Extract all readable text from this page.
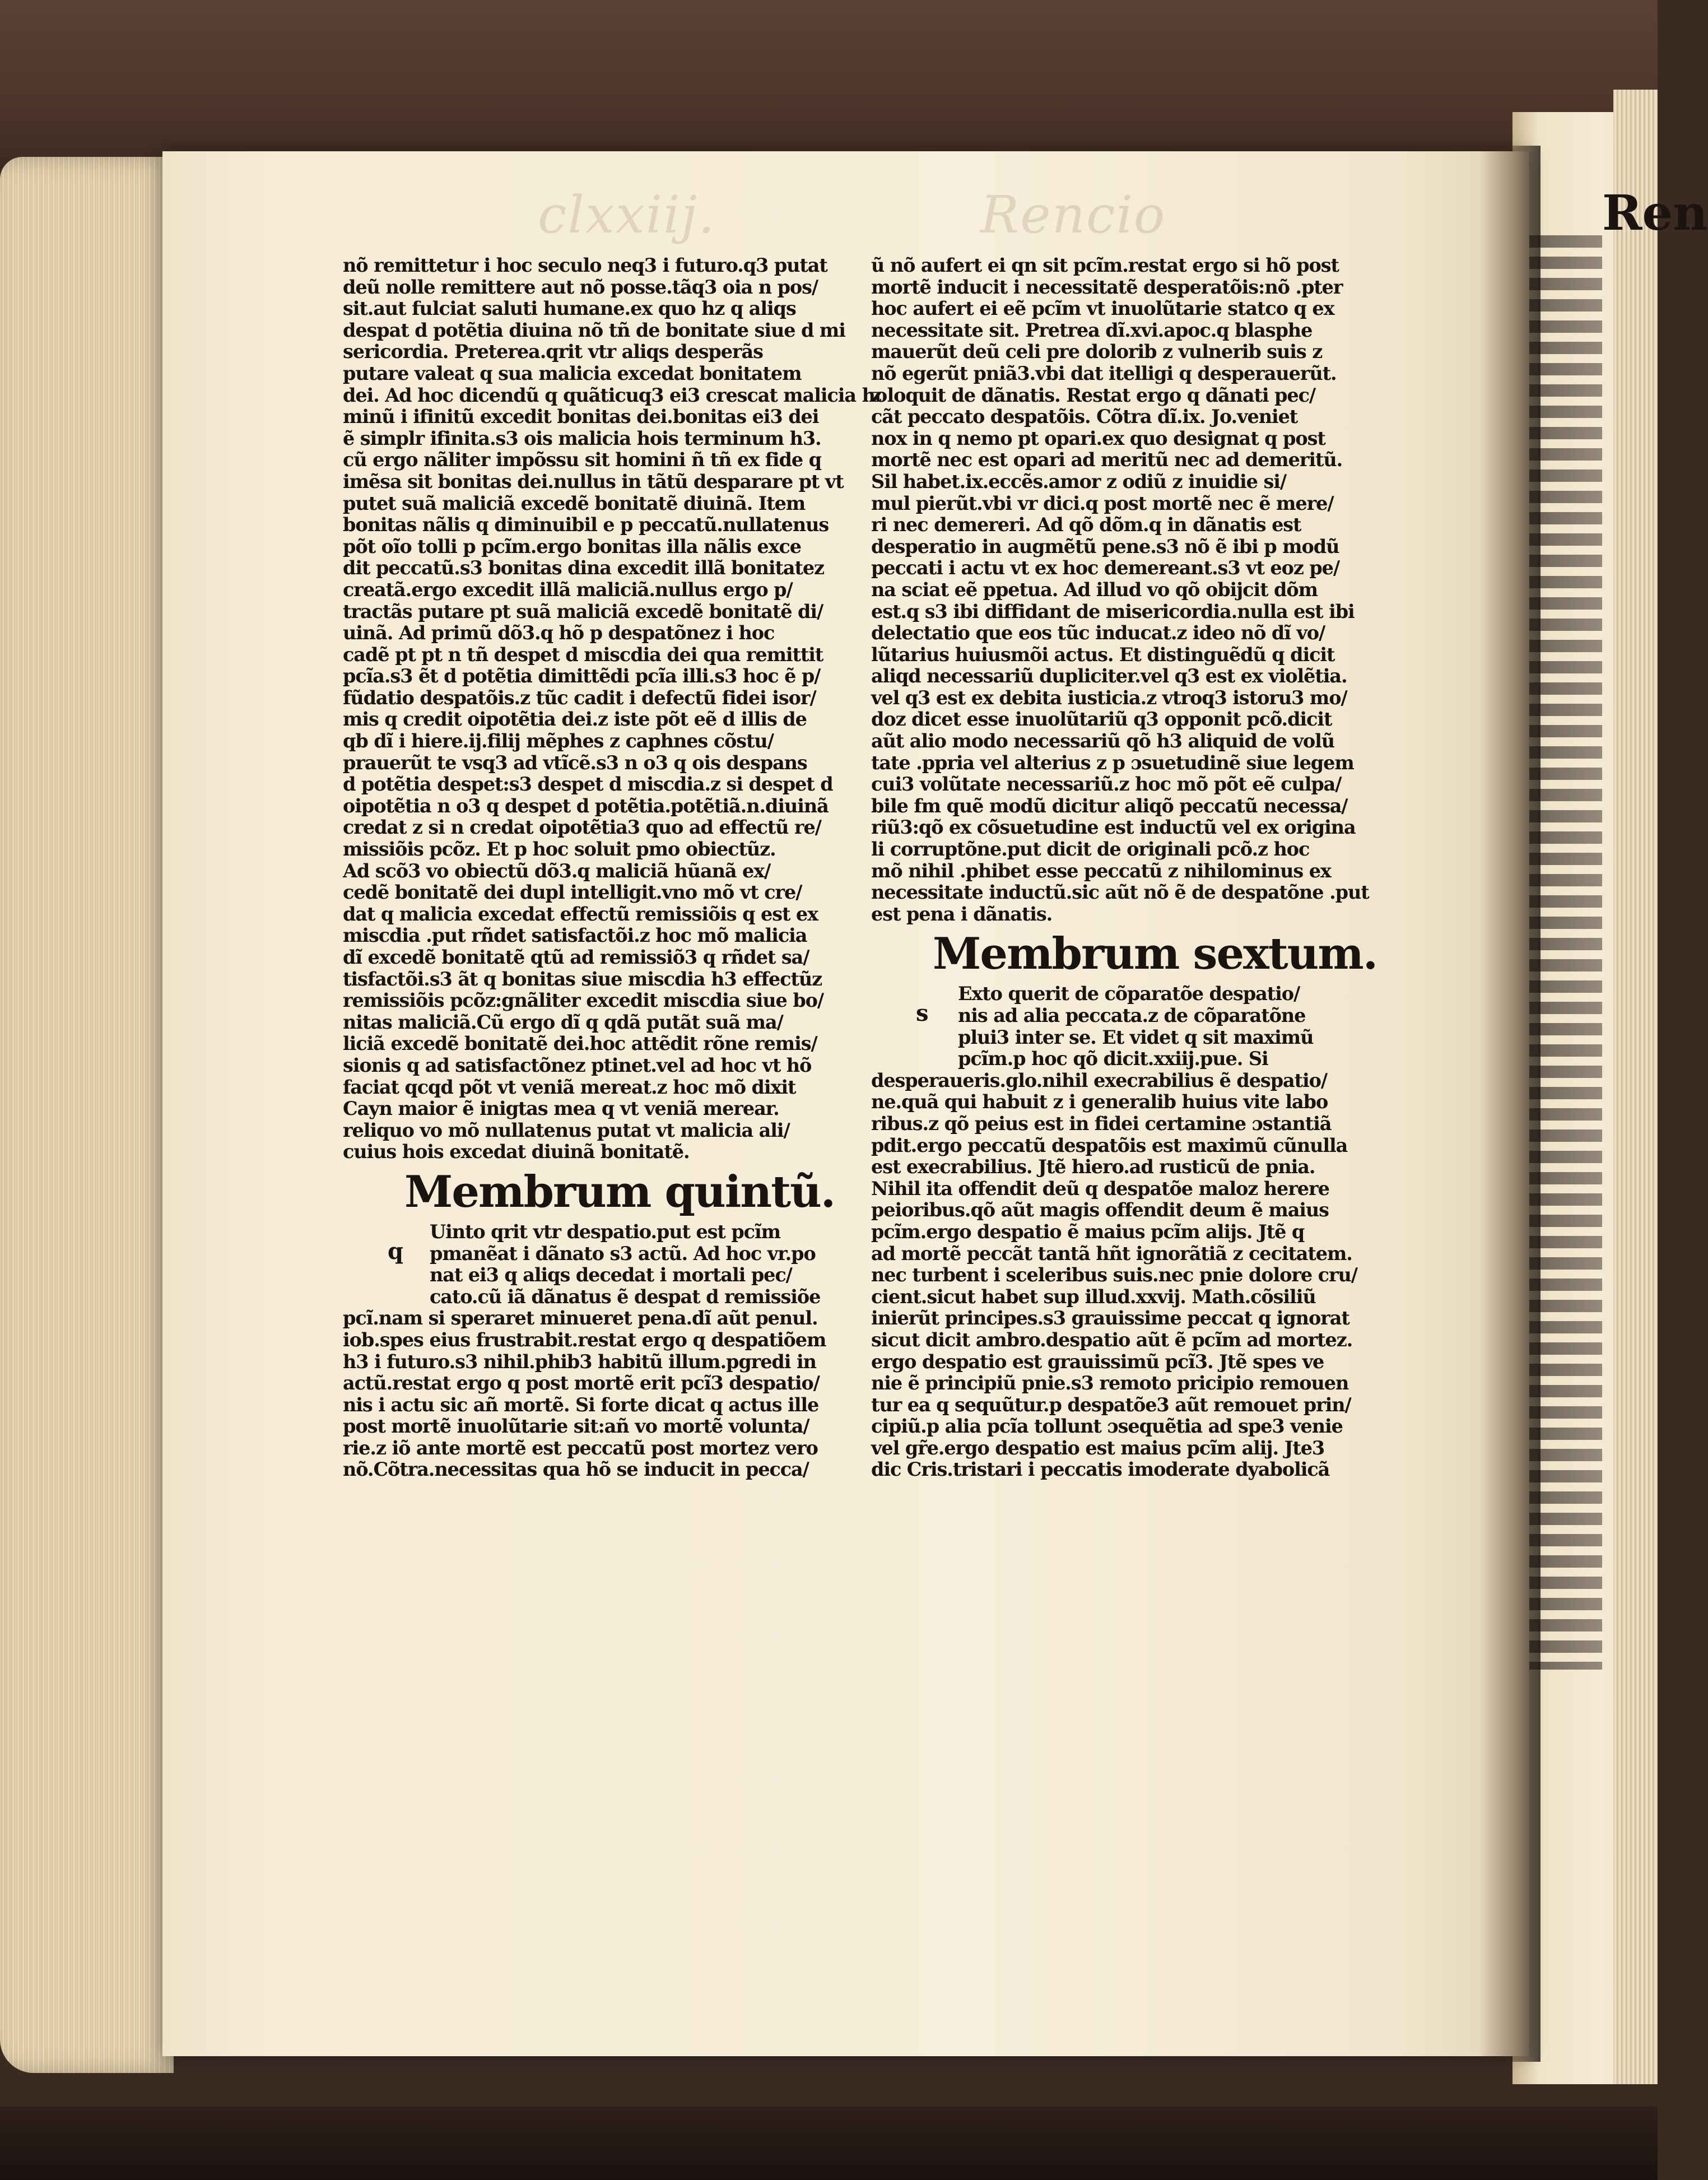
Ren
clxxiij.	Rencio
nõ remittetur i hoc seculo neq3 i futuro.q3 putat
deũ nolle remittere aut nõ posse.tãq3 oia n pos/
sit.aut fulciat saluti humane.ex quo hz q aliqs
despat d potẽtia diuina nõ tñ de bonitate siue d mi
sericordia. Preterea.qrit vtr aliqs desperãs
putare valeat q sua malicia excedat bonitatem
dei. Ad hoc dicendũ q quãticuq3 ei3 crescat malicia ho
minũ i ifinitũ excedit bonitas dei.bonitas ei3 dei
ẽ simplr ifinita.s3 ois malicia hois terminum h3.
cũ ergo nãliter impõssu sit homini ñ tñ ex fide q
imẽsa sit bonitas dei.nullus in tãtũ desparare pt vt
putet suã maliciã excedẽ bonitatẽ diuinã. Item
bonitas nãlis q diminuibil e p peccatũ.nullatenus
põt oĩo tolli p pcĩm.ergo bonitas illa nãlis exce
dit peccatũ.s3 bonitas dina excedit illã bonitatez
creatã.ergo excedit illã maliciã.nullus ergo p/
tractãs putare pt suã maliciã excedẽ bonitatẽ di/
uinã. Ad primũ dõ3.q hõ p despatõnez i hoc
cadẽ pt pt n tñ despet d miscdia dei qua remittit
pcĩa.s3 ẽt d potẽtia dimittẽdi pcĩa illi.s3 hoc ẽ p/
fũdatio despatõis.z tũc cadit i defectũ fidei isor/
mis q credit oipotẽtia dei.z iste põt eẽ d illis de
qb dĩ i hiere.ij.filij mẽphes z caphnes cõstu/
prauerũt te vsq3 ad vtĩcẽ.s3 n o3 q ois despans
d potẽtia despet:s3 despet d miscdia.z si despet d
oipotẽtia n o3 q despet d potẽtia.potẽtiã.n.diuinã
credat z si n credat oipotẽtia3 quo ad effectũ re/
missiõis pcõz. Et p hoc soluit pmo obiectũz.
Ad scõ3 vo obiectũ dõ3.q maliciã hũanã ex/
cedẽ bonitatẽ dei dupl intelligit.vno mõ vt cre/
dat q malicia excedat effectũ remissiõis q est ex
miscdia .put rñdet satisfactõi.z hoc mõ malicia
dĩ excedẽ bonitatẽ qtũ ad remissiõ3 q rñdet sa/
tisfactõi.s3 ãt q bonitas siue miscdia h3 effectũz
remissiõis pcõz:gnãliter excedit miscdia siue bo/
nitas maliciã.Cũ ergo dĩ q qdã putãt suã ma/
liciã excedẽ bonitatẽ dei.hoc attẽdit rõne remis/
sionis q ad satisfactõnez ptinet.vel ad hoc vt hõ
faciat qcqd põt vt veniã mereat.z hoc mõ dixit
Cayn maior ẽ inigtas mea q vt veniã merear.
reliquo vo mõ nullatenus putat vt malicia ali/
cuius hois excedat diuinã bonitatẽ.
Membrum quintũ.
Uinto qrit vtr despatio.put est pcĩm
pmanẽat i dãnato s3 actũ. Ad hoc vr.po
nat ei3 q aliqs decedat i mortali pec/
cato.cũ iã dãnatus ẽ despat d remissiõe
pcĩ.nam si speraret minueret pena.dĩ aũt penul.
iob.spes eius frustrabit.restat ergo q despatiõem
h3 i futuro.s3 nihil.phib3 habitũ illum.pgredi in
actũ.restat ergo q post mortẽ erit pcĩ3 despatio/
nis i actu sic añ mortẽ. Si forte dicat q actus ille
post mortẽ inuolũtarie sit:añ vo mortẽ volunta/
rie.z iõ ante mortẽ est peccatũ post mortez vero
nõ.Cõtra.necessitas qua hõ se inducit in pecca/
ũ nõ aufert ei qn sit pcĩm.restat ergo si hõ post
mortẽ inducit i necessitatẽ desperatõis:nõ .pter
hoc aufert ei eẽ pcĩm vt inuolũtarie statco q ex
necessitate sit. Pretrea dĩ.xvi.apoc.q blasphe
mauerũt deũ celi pre dolorib z vulnerib suis z
nõ egerũt pniã3.vbi dat itelligi q desperauerũt.
z loquit de dãnatis. Restat ergo q dãnati pec/
cãt peccato despatõis. Cõtra dĩ.ix. Jo.veniet
nox in q nemo pt opari.ex quo designat q post
mortẽ nec est opari ad meritũ nec ad demeritũ.
Sil habet.ix.eccẽs.amor z odiũ z inuidie si/
mul pierũt.vbi vr dici.q post mortẽ nec ẽ mere/
ri nec demereri. Ad qõ dõm.q in dãnatis est
desperatio in augmẽtũ pene.s3 nõ ẽ ibi p modũ
peccati i actu vt ex hoc demereant.s3 vt eoz pe/
na sciat eẽ ppetua. Ad illud vo qõ obijcit dõm
est.q s3 ibi diffidant de misericordia.nulla est ibi
delectatio que eos tũc inducat.z ideo nõ dĩ vo/
lũtarius huiusmõi actus. Et distinguẽdũ q dicit
aliqd necessariũ dupliciter.vel q3 est ex violẽtia.
vel q3 est ex debita iusticia.z vtroq3 istoru3 mo/
doz dicet esse inuolũtariũ q3 opponit pcõ.dicit
aũt alio modo necessariũ qõ h3 aliquid de volũ
tate .ppria vel alterius z p ɔsuetudinẽ siue legem
cui3 volũtate necessariũ.z hoc mõ põt eẽ culpa/
bile fm quẽ modũ dicitur aliqõ peccatũ necessa/
riũ3:qõ ex cõsuetudine est inductũ vel ex origina
li corruptõne.put dicit de originali pcõ.z hoc
mõ nihil .phibet esse peccatũ z nihilominus ex
necessitate inductũ.sic aũt nõ ẽ de despatõne .put
est pena i dãnatis.
Membrum sextum.
Exto querit de cõparatõe despatio/
nis ad alia peccata.z de cõparatõne
plui3 inter se. Et videt q sit maximũ
pcĩm.p hoc qõ dicit.xxiij.pue. Si
desperaueris.glo.nihil execrabilius ẽ despatio/
ne.quã qui habuit z i generalib huius vite labo
ribus.z qõ peius est in fidei certamine ɔstantiã
pdit.ergo peccatũ despatõis est maximũ cũnulla
est execrabilius. Jtẽ hiero.ad rusticũ de pnia.
Nihil ita offendit deũ q despatõe maloz herere
peioribus.qõ aũt magis offendit deum ẽ maius
pcĩm.ergo despatio ẽ maius pcĩm alijs. Jtẽ q
ad mortẽ peccãt tantã hñt ignorãtiã z cecitatem.
nec turbent i sceleribus suis.nec pnie dolore cru/
cient.sicut habet sup illud.xxvij. Math.cõsiliũ
inierũt principes.s3 grauissime peccat q ignorat
sicut dicit ambro.despatio aũt ẽ pcĩm ad mortez.
ergo despatio est grauissimũ pcĩ3. Jtẽ spes ve
nie ẽ principiũ pnie.s3 remoto pricipio remouen
tur ea q sequũtur.p despatõe3 aũt remouet prin/
cipiũ.p alia pcĩa tollunt ɔsequẽtia ad spe3 venie
vel gr̃e.ergo despatio est maius pcĩm alij. Jte3
dic Cris.tristari i peccatis imoderate dyabolicã
q
s
